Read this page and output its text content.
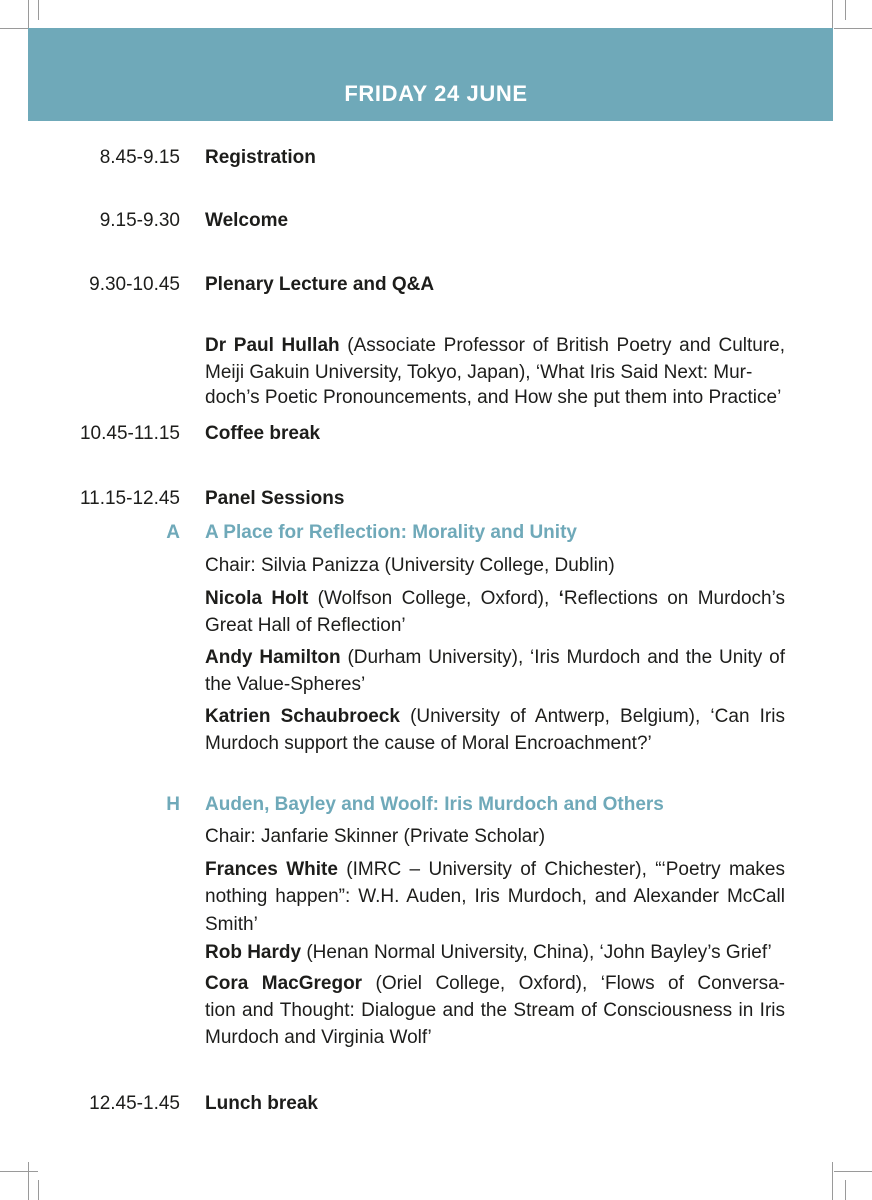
FRIDAY 24 JUNE
8.45-9.15 Registration
9.15-9.30 Welcome
9.30-10.45 Plenary Lecture and Q&A
Dr Paul Hullah (Associate Professor of British Poetry and Culture, Meiji Gakuin University, Tokyo, Japan), ‘What Iris Said Next: Mur-
doch’s Poetic Pronouncements, and How she put them into Practice’
10.45-11.15 Coffee break
11.15-12.45 Panel Sessions
A A Place for Reflection: Morality and Unity
Chair: Silvia Panizza (University College, Dublin)
Nicola Holt (Wolfson College, Oxford), ‘Reflections on Murdoch’s Great Hall of Reflection’
Andy Hamilton (Durham University), ‘Iris Murdoch and the Unity of the Value-Spheres’
Katrien Schaubroeck (University of Antwerp, Belgium), ‘Can Iris Murdoch support the cause of Moral Encroachment?’
H Auden, Bayley and Woolf: Iris Murdoch and Others
Chair: Janfarie Skinner (Private Scholar)
Frances White (IMRC – University of Chichester), “‘Poetry makes nothing happen”: W.H. Auden, Iris Murdoch, and Alexander McCall Smith’
Rob Hardy (Henan Normal University, China), ‘John Bayley’s Grief’
Cora MacGregor (Oriel College, Oxford), ‘Flows of Conversa-
tion and Thought: Dialogue and the Stream of Consciousness in Iris Murdoch and Virginia Wolf’
12.45-1.45 Lunch break
